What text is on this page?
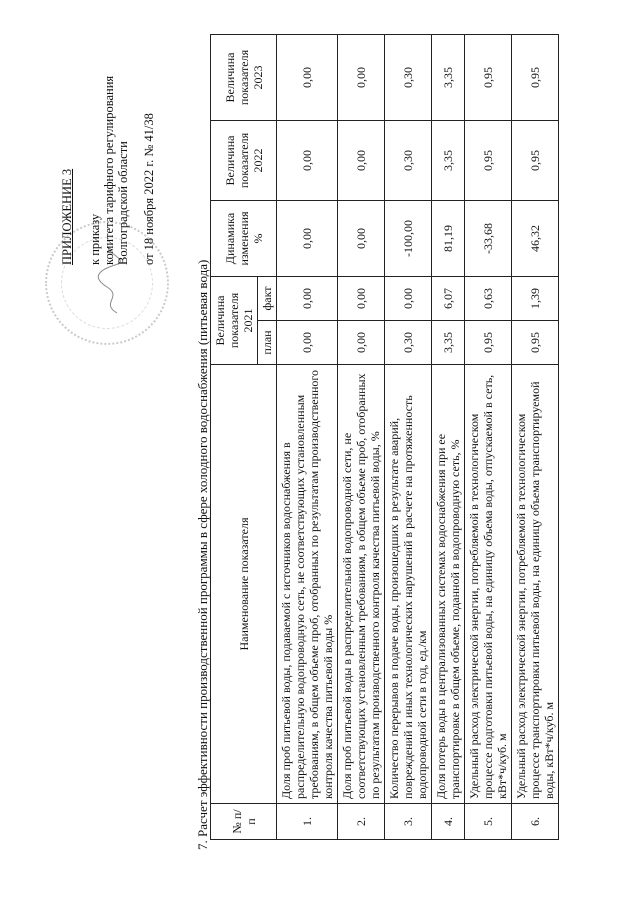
ПРИЛОЖЕНИЕ 3 к приказу комитета тарифного регулирования Волгоградской области от 18 ноября 2022 г. № 41/38
7. Расчет эффективности производственной программы в сфере холодного водоснабжения (питьевая вода) № п/п	Наименование показателя	Величина показателя 2021		Динамика изменения %	Величина показателя 2022	Величина показателя 2023
		план	факт			
1.	Доля проб питьевой воды, подаваемой с источников водоснабжения в распределительную водопроводную сеть, не соответствующих установленным требованиям, в общем объеме проб, отобранных по результатам производственного контроля качества питьевой воды %	0,00	0,00	0,00	0,00	0,00
2.	Доля проб питьевой воды в распределительной водопроводной сети, не соответствующих установленным требованиям, в общем объеме проб, отобранных по результатам производственного контроля качества питьевой воды, %	0,00	0,00	0,00	0,00	0,00
3.	Количество перерывов в подаче воды, произошедших в результате аварий, повреждений и иных технологических нарушений в расчете на протяженность водопроводной сети в год, ед./км	0,30	0,00	-100,00	0,30	0,30
4.	Доля потерь воды в централизованных системах водоснабжения при ее транспортировке в общем объеме, поданной в водопроводную сеть, %	3,35	6,07	81,19	3,35	3,35
5.	Удельный расход электрической энергии, потребляемой в технологическом процессе подготовки питьевой воды, на единицу объема воды, отпускаемой в сеть, кВт*ч/куб. м	0,95	0,63	-33,68	0,95	0,95
6.	Удельный расход электрической энергии, потребляемой в технологическом процессе транспортировки питьевой воды, на единицу объема транспортируемой воды, кВт*ч/куб. м	0,95	1,39	46,32	0,95	0,95
